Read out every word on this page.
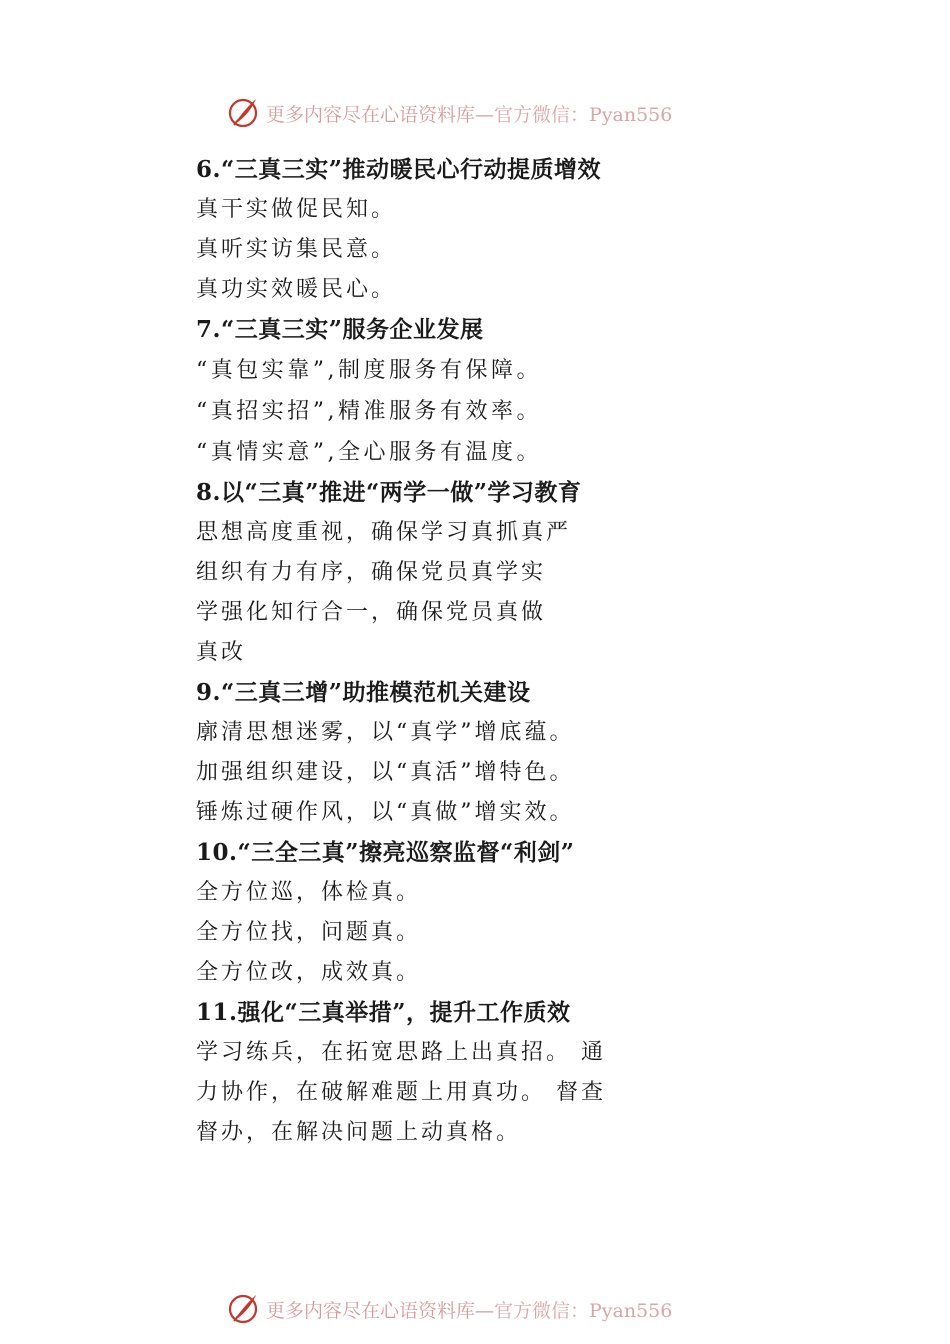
更多内容尽在心语资料库—官方微信：Pyan556
6.“三真三实”推动暖民心行动提质增效
真干实做促民知。
真听实访集民意。
真功实效暖民心。
7.“三真三实”服务企业发展
“真包实靠”,制度服务有保障。
“真招实招”,精准服务有效率。
“真情实意”,全心服务有温度。
8.以“三真”推进“两学一做”学习教育
思想高度重视，确保学习真抓真严
组织有力有序，确保党员真学实
学强化知行合一，确保党员真做
真改
9.“三真三增”助推模范机关建设
廓清思想迷雾，以“真学”增底蕴。
加强组织建设，以“真活”增特色。
锤炼过硬作风，以“真做”增实效。
10.“三全三真”擦亮巡察监督“利剑”
全方位巡，体检真。
全方位找，问题真。
全方位改，成效真。
11.强化“三真举措”，提升工作质效
学习练兵，在拓宽思路上出真招。 通
力协作，在破解难题上用真功。 督查
督办，在解决问题上动真格。
更多内容尽在心语资料库—官方微信：Pyan556
